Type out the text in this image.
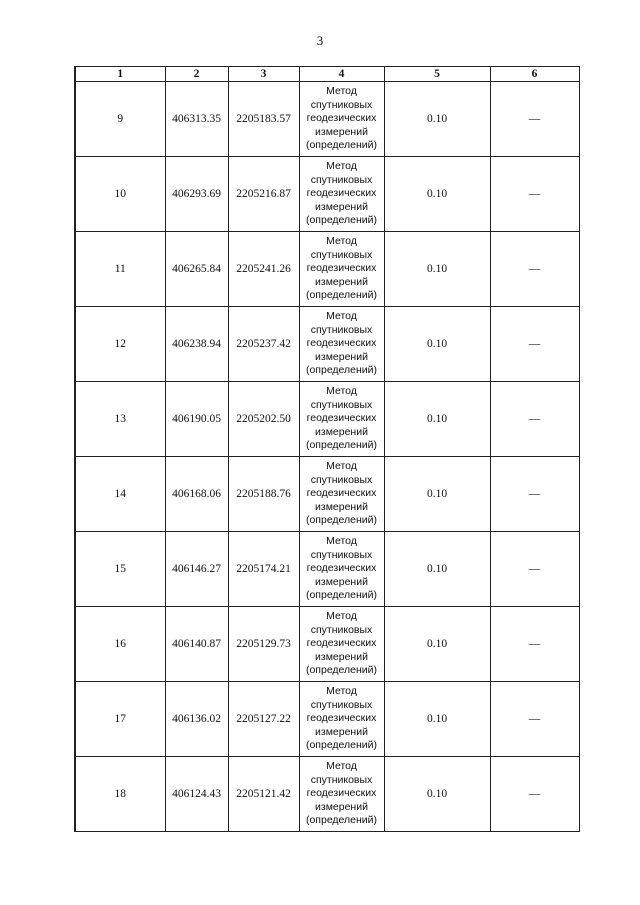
3
1	2	3	4	5	6
9	406313.35	2205183.57	Метод спутниковых геодезических измерений (определений)	0.10	—
10	406293.69	2205216.87	Метод спутниковых геодезических измерений (определений)	0.10	—
11	406265.84	2205241.26	Метод спутниковых геодезических измерений (определений)	0.10	—
12	406238.94	2205237.42	Метод спутниковых геодезических измерений (определений)	0.10	—
13	406190.05	2205202.50	Метод спутниковых геодезических измерений (определений)	0.10	—
14	406168.06	2205188.76	Метод спутниковых геодезических измерений (определений)	0.10	—
15	406146.27	2205174.21	Метод спутниковых геодезических измерений (определений)	0.10	—
16	406140.87	2205129.73	Метод спутниковых геодезических измерений (определений)	0.10	—
17	406136.02	2205127.22	Метод спутниковых геодезических измерений (определений)	0.10	—
18	406124.43	2205121.42	Метод спутниковых геодезических измерений (определений)	0.10	—
